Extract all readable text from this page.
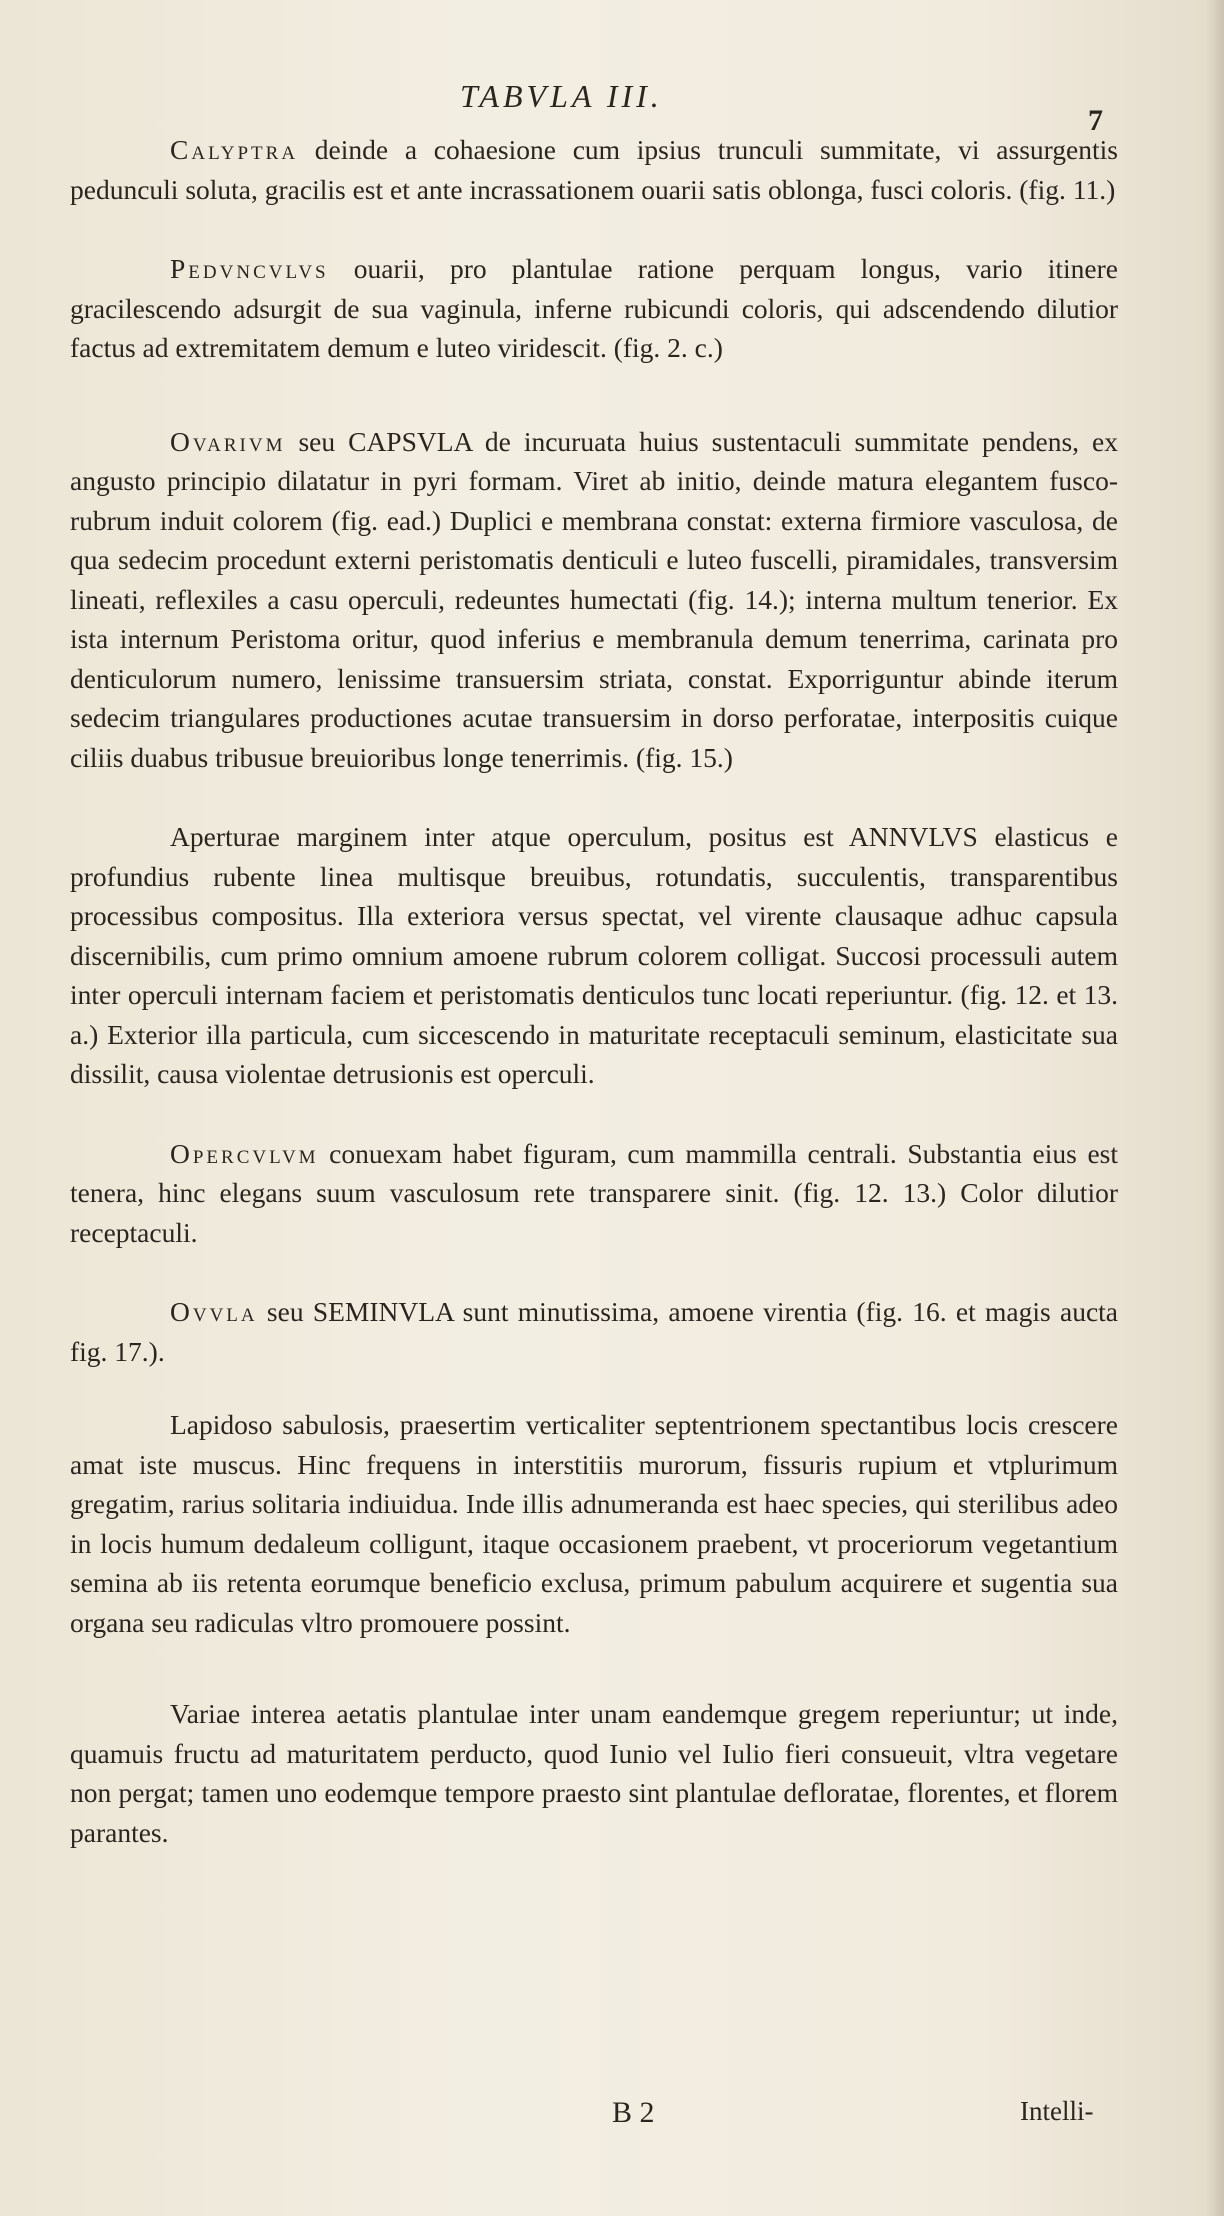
TABVLA III.
7

Calyptra deinde a cohaesione cum ipsius trunculi summitate, vi assurgentis pedunculi soluta, gracilis est et ante incrassationem ouarii satis oblonga, fusci coloris. (fig. 11.)

Pedvncvlvs ouarii, pro plantulae ratione perquam longus, vario itinere gracilescendo adsurgit de sua vaginula, inferne rubicundi coloris, qui adscendendo dilutior factus ad extremitatem demum e luteo viridescit. (fig. 2. c.)

Ovarivm seu CAPSVLA de incuruata huius sustentaculi summitate pendens, ex angusto principio dilatatur in pyri formam. Viret ab initio, deinde matura elegantem fusco-rubrum induit colorem (fig. ead.) Duplici e membrana constat: externa firmiore vasculosa, de qua sedecim procedunt externi peristomatis denticuli e luteo fuscelli, piramidales, transversim lineati, reflexiles a casu operculi, redeuntes humectati (fig. 14.); interna multum tenerior. Ex ista internum Peristoma oritur, quod inferius e membranula demum tenerrima, carinata pro denticulorum numero, lenissime transuersim striata, constat. Exporriguntur abinde iterum sedecim triangulares productiones acutae transuersim in dorso perforatae, interpositis cuique ciliis duabus tribusue breuioribus longe tenerrimis. (fig. 15.)

Aperturae marginem inter atque operculum, positus est ANNVLVS elasticus e profundius rubente linea multisque breuibus, rotundatis, succulentis, transparentibus processibus compositus. Illa exteriora versus spectat, vel virente clausaque adhuc capsula discernibilis, cum primo omnium amoene rubrum colorem colligat. Succosi processuli autem inter operculi internam faciem et peristomatis denticulos tunc locati reperiuntur. (fig. 12. et 13. a.) Exterior illa particula, cum siccescendo in maturitate receptaculi seminum, elasticitate sua dissilit, causa violentae detrusionis est operculi.

Opercvlvm conuexam habet figuram, cum mammilla centrali. Substantia eius est tenera, hinc elegans suum vasculosum rete transparere sinit. (fig. 12. 13.) Color dilutior receptaculi.

Ovvla seu SEMINVLA sunt minutissima, amoene virentia (fig. 16. et magis aucta fig. 17.).

Lapidoso sabulosis, praesertim verticaliter septentrionem spectantibus locis crescere amat iste muscus. Hinc frequens in interstitiis murorum, fissuris rupium et vtplurimum gregatim, rarius solitaria indiuidua. Inde illis adnumeranda est haec species, qui sterilibus adeo in locis humum dedaleum colligunt, itaque occasionem praebent, vt proceriorum vegetantium semina ab iis retenta eorumque beneficio exclusa, primum pabulum acquirere et sugentia sua organa seu radiculas vltro promouere possint.

Variae interea aetatis plantulae inter unam eandemque gregem reperiuntur; ut inde, quamuis fructu ad maturitatem perducto, quod Iunio vel Iulio fieri consueuit, vltra vegetare non pergat; tamen uno eodemque tempore praesto sint plantulae defloratae, florentes, et florem parantes.

B 2	Intelli-
